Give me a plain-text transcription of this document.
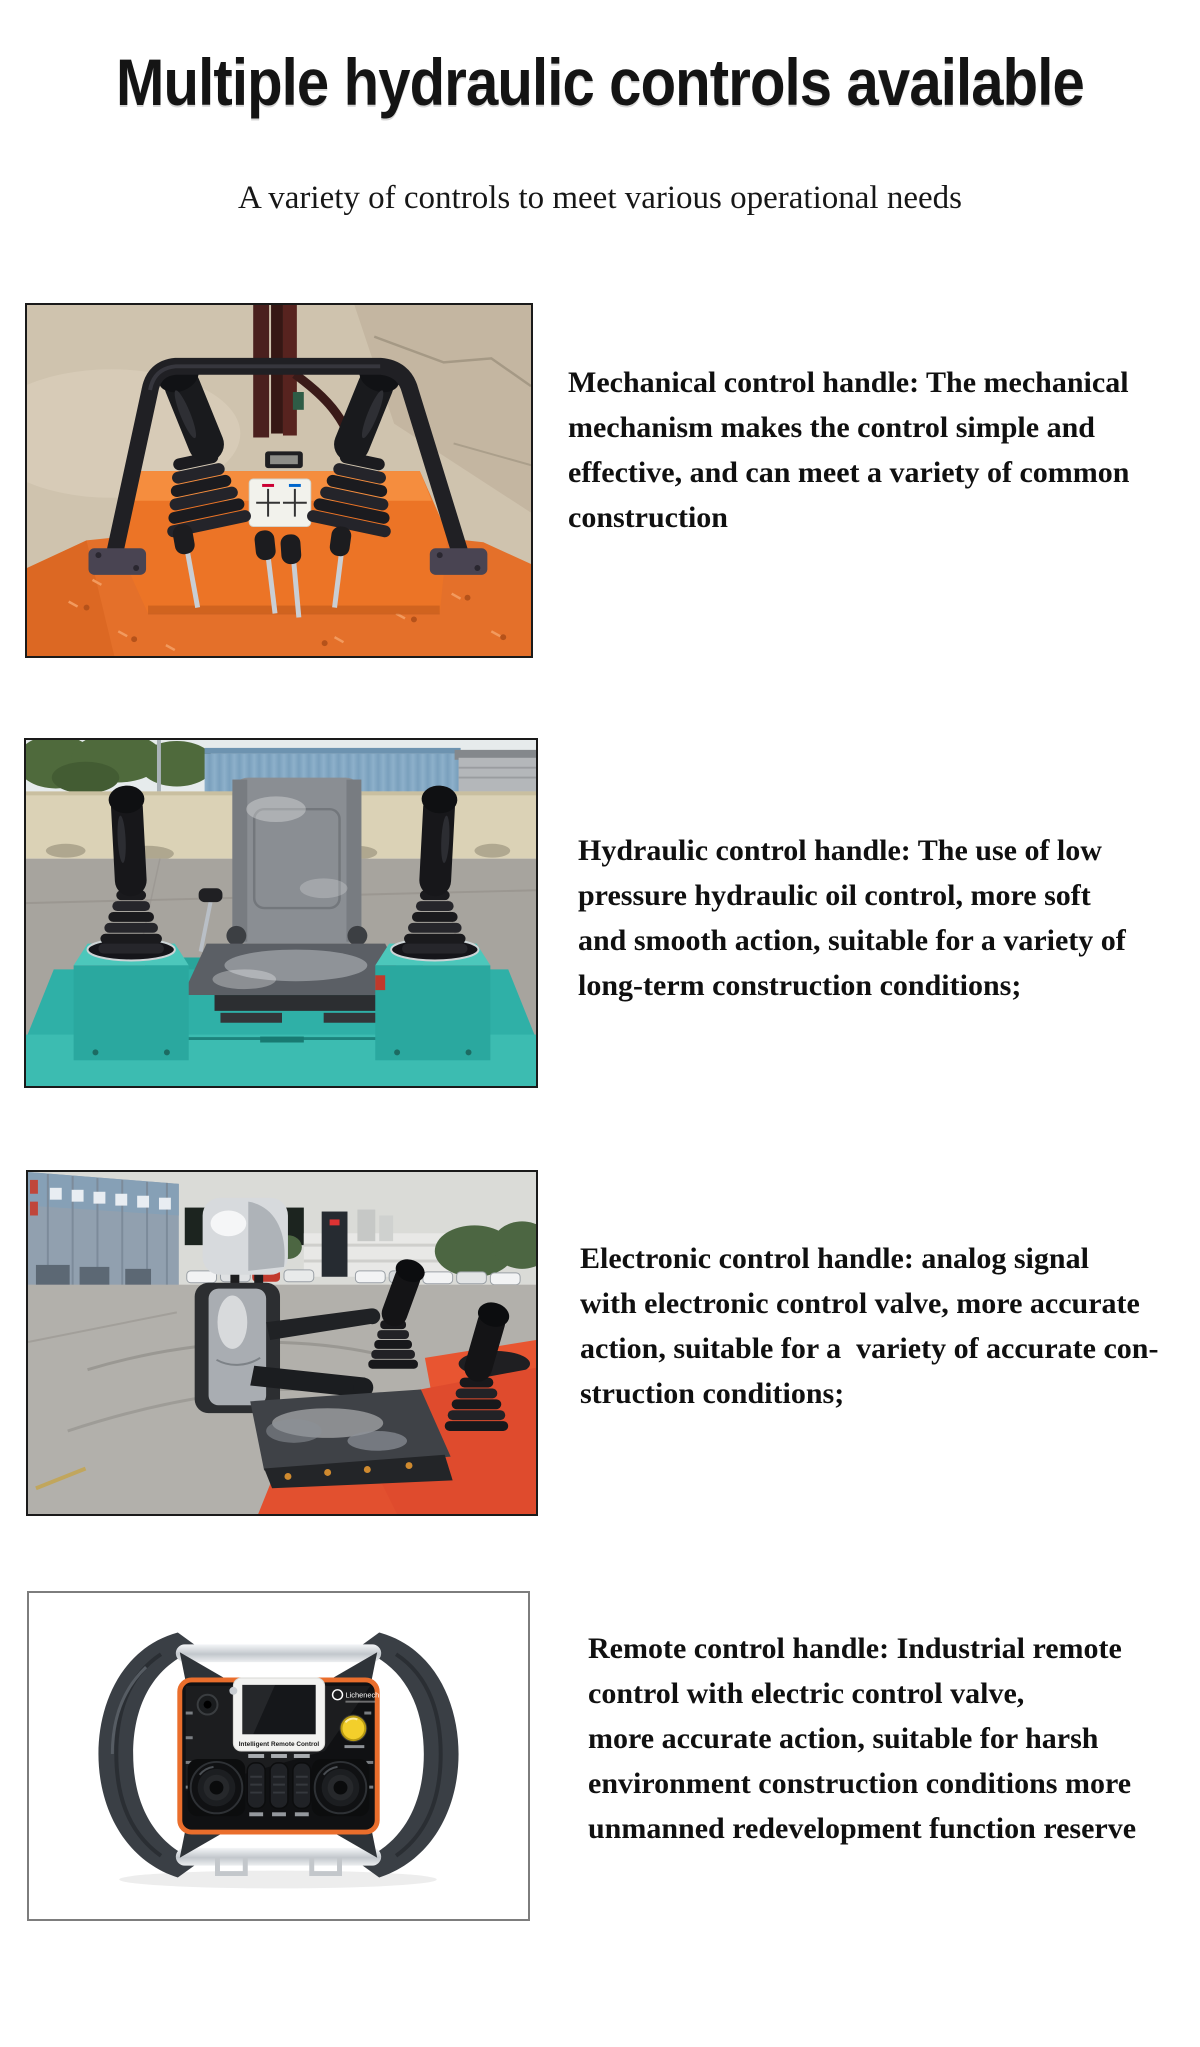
Multiple hydraulic controls available
A variety of controls to meet various operational needs
Mechanical control handle: The mechanical
mechanism makes the control simple and
effective, and can meet a variety of common
construction
Hydraulic control handle: The use of low
pressure hydraulic oil control, more soft
and smooth action, suitable for a variety of
long-term construction conditions;
Electronic control handle: analog signal
with electronic control valve, more accurate
action, suitable for a  variety of accurate con-
struction conditions;
Intelligent Remote Control
Lichenech
Remote control handle: Industrial remote
control with electric control valve,
more accurate action, suitable for harsh
environment construction conditions more
unmanned redevelopment function reserve
